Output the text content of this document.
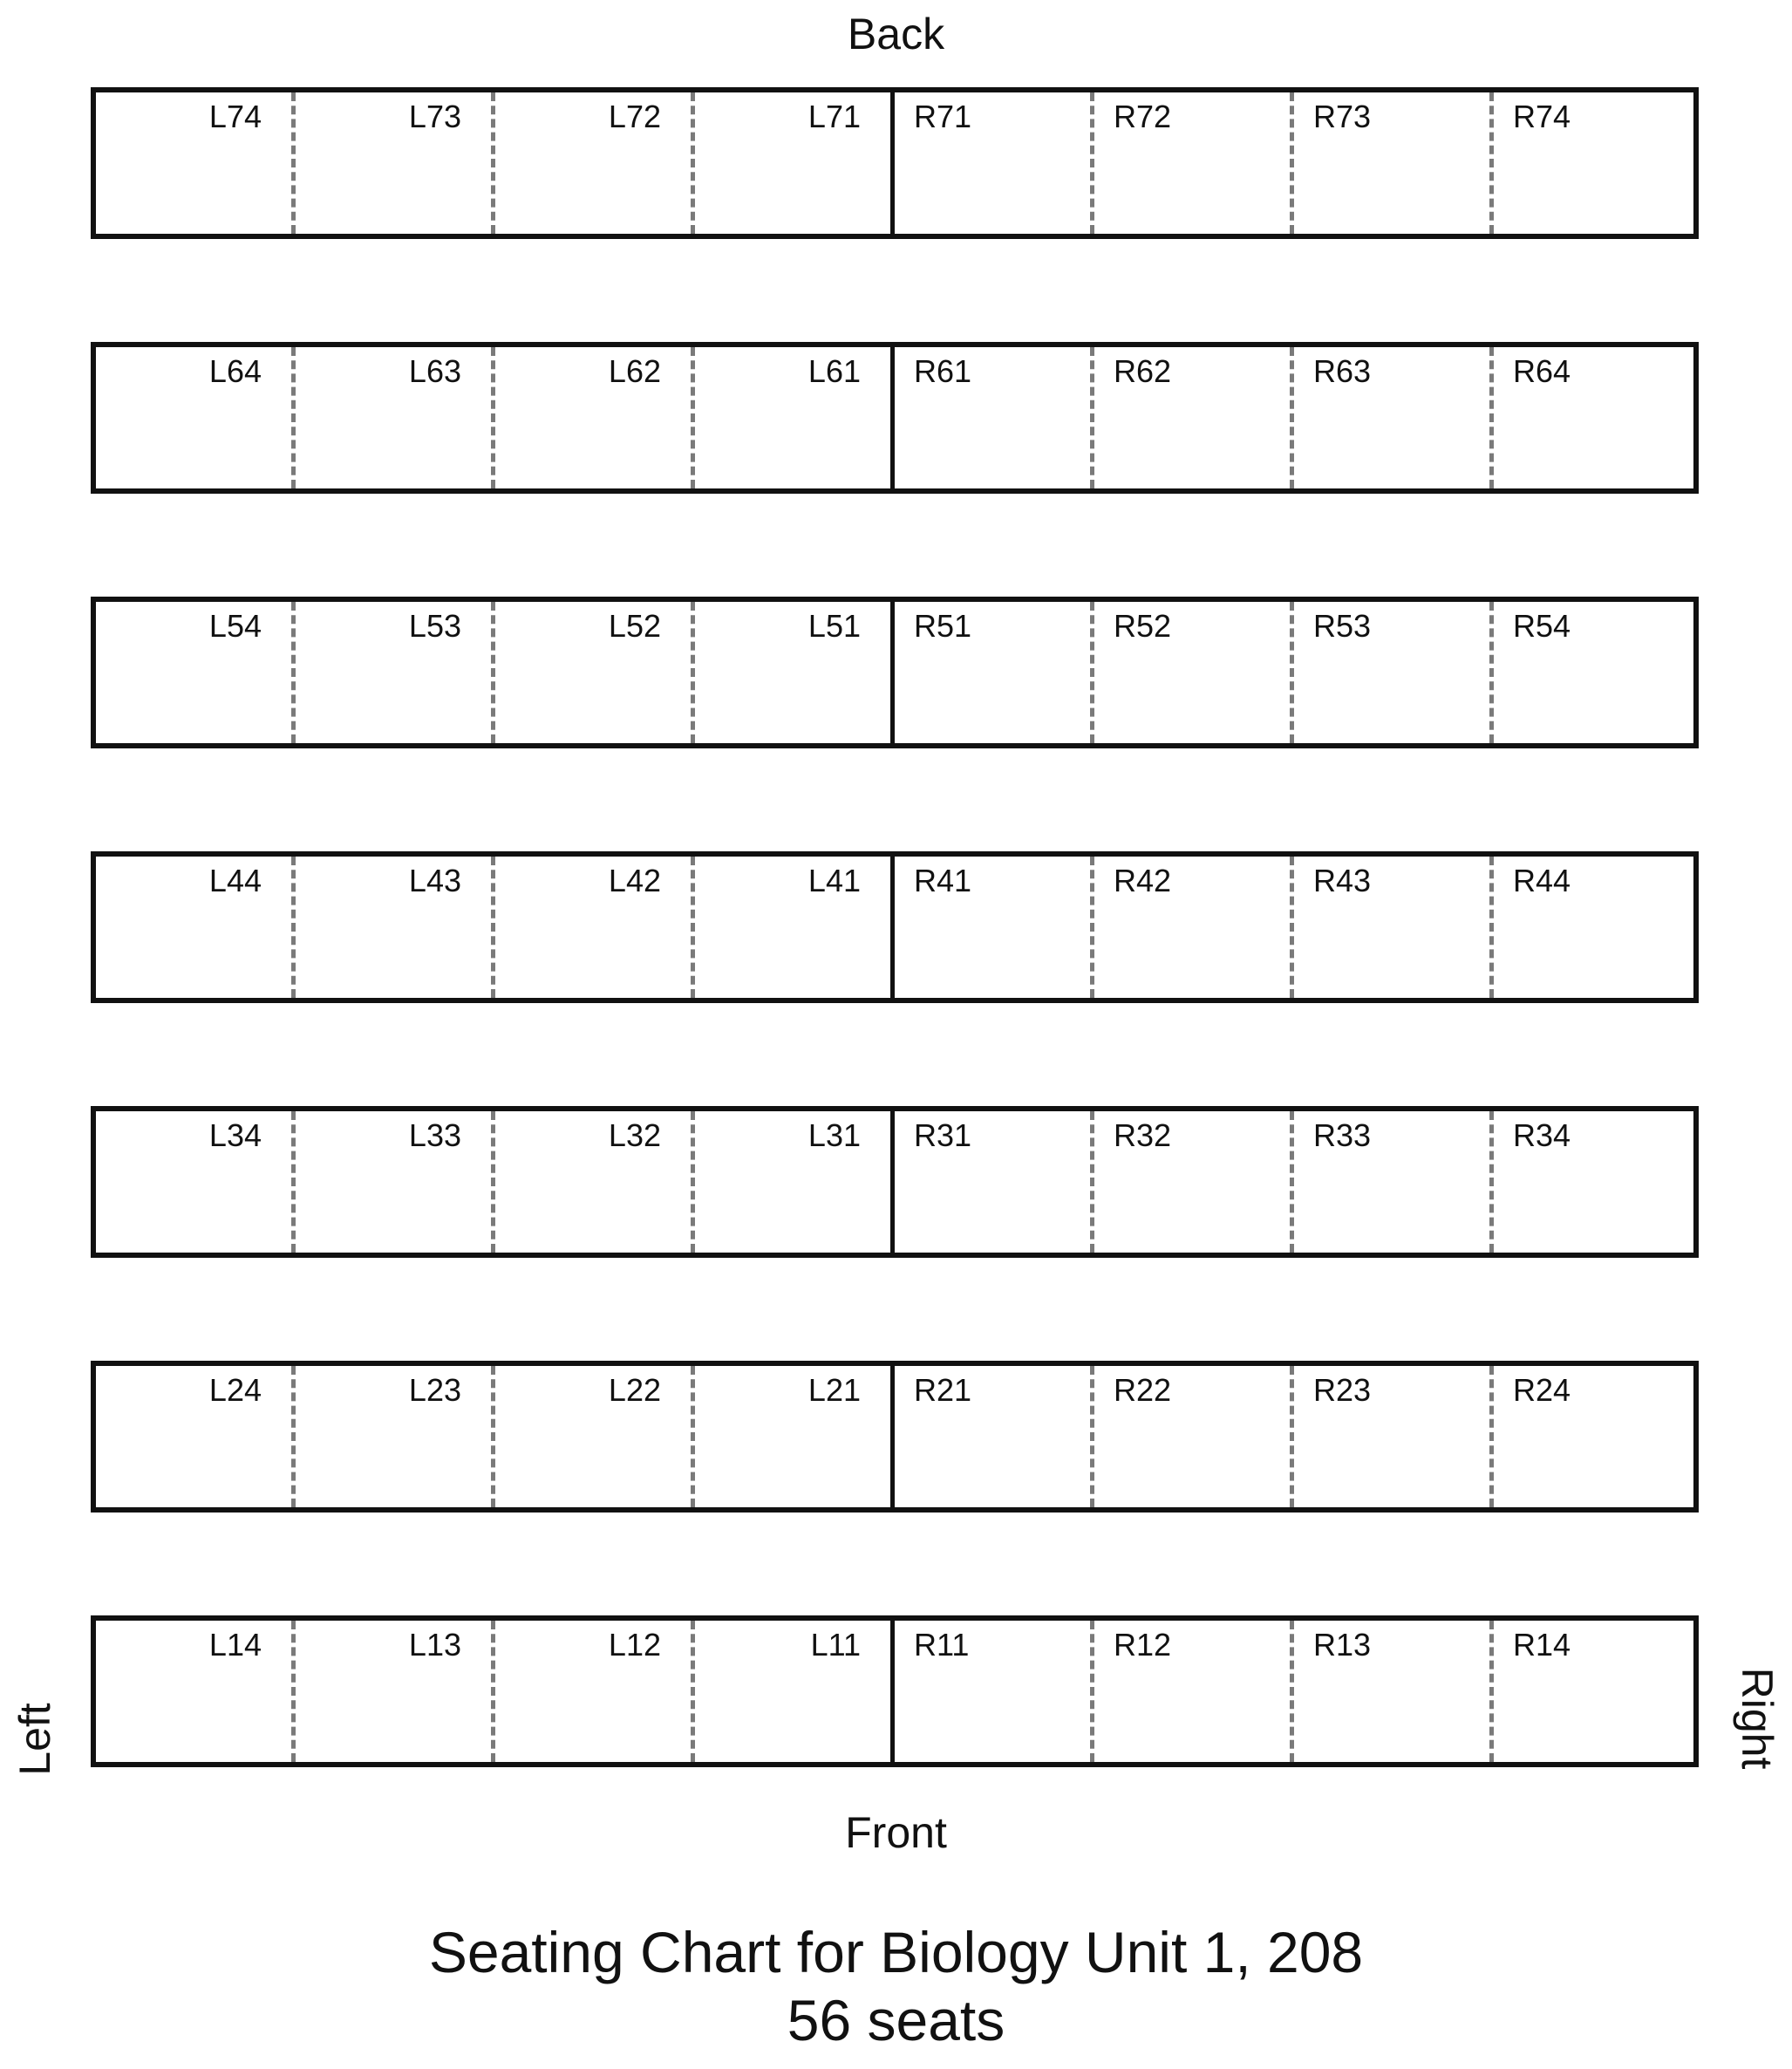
Back
Left	Right
L74	L73	L72	L71 R71	R72	R73	R74
L64	L63	L62	L61 R61	R62	R63	R64
L54	L53	L52	L51 R51	R52	R53	R54
L44	L43	L42	L41 R41	R42	R43	R44
L34	L33	L32	L31 R31	R32	R33	R34
L24	L23	L22	L21 R21	R22	R23	R24
L14	L13	L12	L11 R11	R12	R13	R14
Front
Seating Chart for Biology Unit 1, 208
56 seats
